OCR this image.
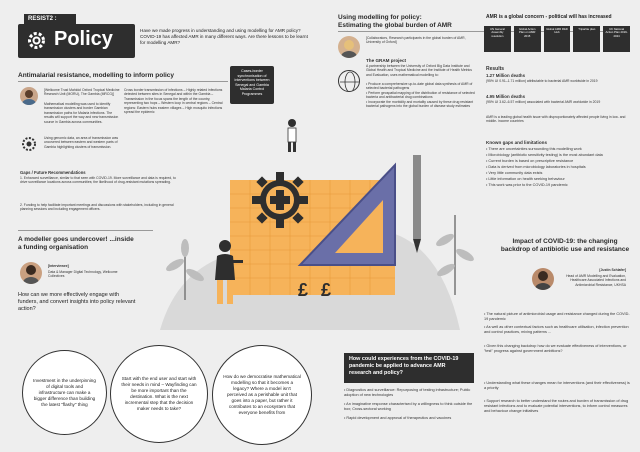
RESIST2 :
Policy	Have we made progress in understanding and using modelling for AMR policy? COVID-19 has affected AMR in many different ways. Are there lessons to be learnt for modelling AMR?
Antimalarial resistance, modelling to inform policy
[Wellcome Trust Mahidol Oxford Tropical Medicine Research Unit (MORU), The Gambia (MRCG)]
Mathematical modelling was used to identify transmission clusters and border Gambian transmission paths for Malaria infections. The results will support the way and new transmission source in Gambia across communities.
Using genomic data, an area of transmission was uncovered between eastern and western parts of Gambia highlighting clusters of transmission.
Cross border transmission of infections – Highly related infections detected between sites in Senegal and within the Gambia – Transmission in the focus spans the length of the country, representing two hops – Western loop in central regions – Central regions: Eastern hubs eastern villages – High mosquito infections spread the epidemic
Cases-border synchronisation of interventions between Senegal and Gambia Malaria Control Programmes
Gaps / Future Recommendations
1. Enhanced surveillance, similar to that seen with COVID-19. More surveillance and data is required, to drive surveillance locations across communities; the likelihood of drug-resistant mutations spreading.
2. Funding to help facilitate important meetings and discussions with stakeholders, including in general planning sessions and including engagement officers.
A modeller goes undercover! ...inside a funding organisation
[Interviewee]
Data & Manager Digital Technology, Wellcome Collectives
How can we more effectively engage with funders, and convert insights into policy relevant action?
Investment in the underpinning of digital tools and infrastructure can make a bigger difference than building the latest "flashy" thing
Start with the end user and start with their needs in mind – Wayfinding can be more important than the destination. What is the next incremental step that the decision maker needs to take?
How do we democratise mathematical modelling so that it becomes a legacy? Where a model isn't perceived as a perishable unit that goes into a paper, but rather it contributes to an ecosystem that everyone benefits from
£ £
Using modelling for policy:
Estimating the global burden of AMR
[Collaborators, Research participants in the global burden of AMR, University of Oxford]
The GRAM project
A partnership between the University of Oxford Big Data Institute and Global Health and Tropical Medicine and the Institute of Health Metrics and Evaluation, uses mathematical modelling to:
• Produce a comprehensive up-to-date global data synthesis of AMR of selected bacterial pathogens
• Perform geospatial mapping of the distribution of resistance of selected bacteria and antibacterial drug combinations
• Incorporate the morbidity and mortality caused by these drug resistant bacterial pathogens into the global burden of disease study estimates
AMR is a global concern - political will has increased
UN General Assembly resolution
Global Action Plan on AMR 2015
Global AMR R&D Hub
Tripartite plan	UK National Action Plan 2019-2024
Results
1.27 Million deaths
(95% UI 0.91–1.71 million) attributable to bacterial AMR worldwide in 2019
4.95 Million deaths
(95% UI 3.62–6.57 million) associated with bacterial AMR worldwide in 2019
AMR is a leading global health issue with disproportionately affected people living in low- and middle- income countries
Known gaps and limitations
• There are uncertainties surrounding this modelling work
• Microbiology (antibiotic sensitivity testing) is the most abundant data
• Current burden is based on prescriptive resistance
• Data is derived from microbiology laboratories in hospitals
• Very little community data exists
• Little information on health seeking behaviour
• This work was prior to the COVID-19 pandemic
Impact of COVID-19: the changing backdrop of antibiotic use and resistance
[Justin Schlafer]
Head of AMR Modelling and Evaluation, Healthcare Associated Infections and Antimicrobial Resistance, UKHSA
• The natural picture of antimicrobial usage and resistance changed during the COVID-19 pandemic
• As well as other contextual factors such as healthcare utilisation, infection prevention and control practices, mixing patterns ...
• Given this changing backdrop how do we evaluate effectiveness of interventions, or "test" progress against government ambitions?
• Understanding what these changes mean for interventions (and their effectiveness) is a priority
• Support research to better understand the routes and burden of transmission of drug resistant infections and to evaluate potential interventions, to inform control measures and behaviour change initiatives
How could experiences from the COVID-19 pandemic be applied to advance AMR research and policy?
• Diagnostics and surveillance: Repurposing of testing infrastructure; Public adoption of new technologies
• An imaginative response characterised by a willingness to think outside the box; Cross-sectoral working
• Rapid development and approval of therapeutics and vaccines
